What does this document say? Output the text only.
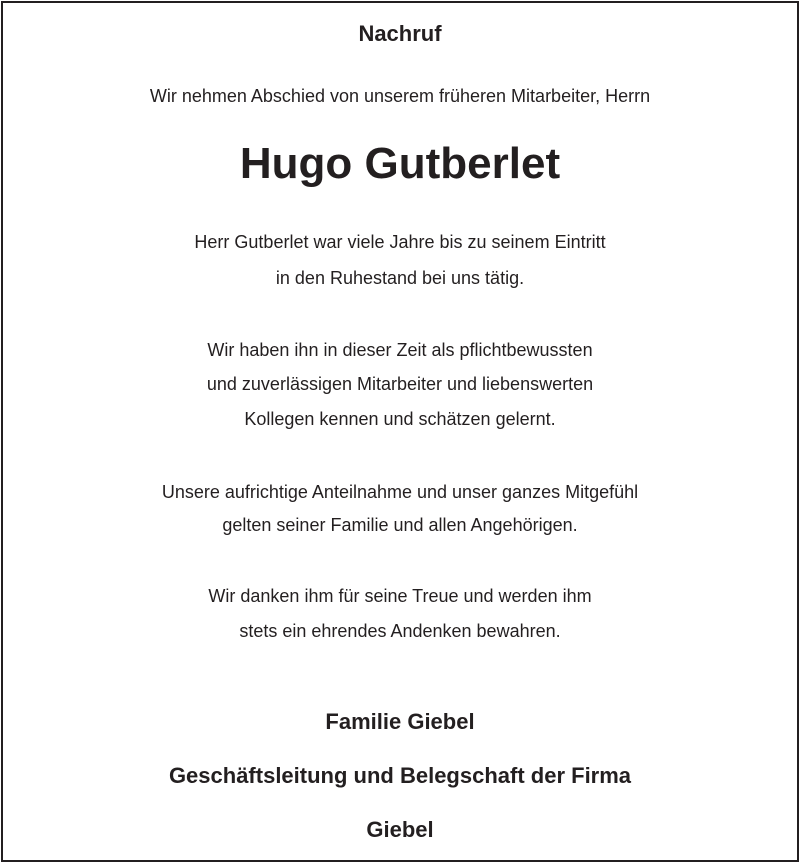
Nachruf
Wir nehmen Abschied von unserem früheren Mitarbeiter, Herrn
Hugo Gutberlet
Herr Gutberlet war viele Jahre bis zu seinem Eintritt
in den Ruhestand bei uns tätig.
Wir haben ihn in dieser Zeit als pflichtbewussten
und zuverlässigen Mitarbeiter und liebenswerten
Kollegen kennen und schätzen gelernt.
Unsere aufrichtige Anteilnahme und unser ganzes Mitgefühl
gelten seiner Familie und allen Angehörigen.
Wir danken ihm für seine Treue und werden ihm
stets ein ehrendes Andenken bewahren.
Familie Giebel
Geschäftsleitung und Belegschaft der Firma
Giebel
